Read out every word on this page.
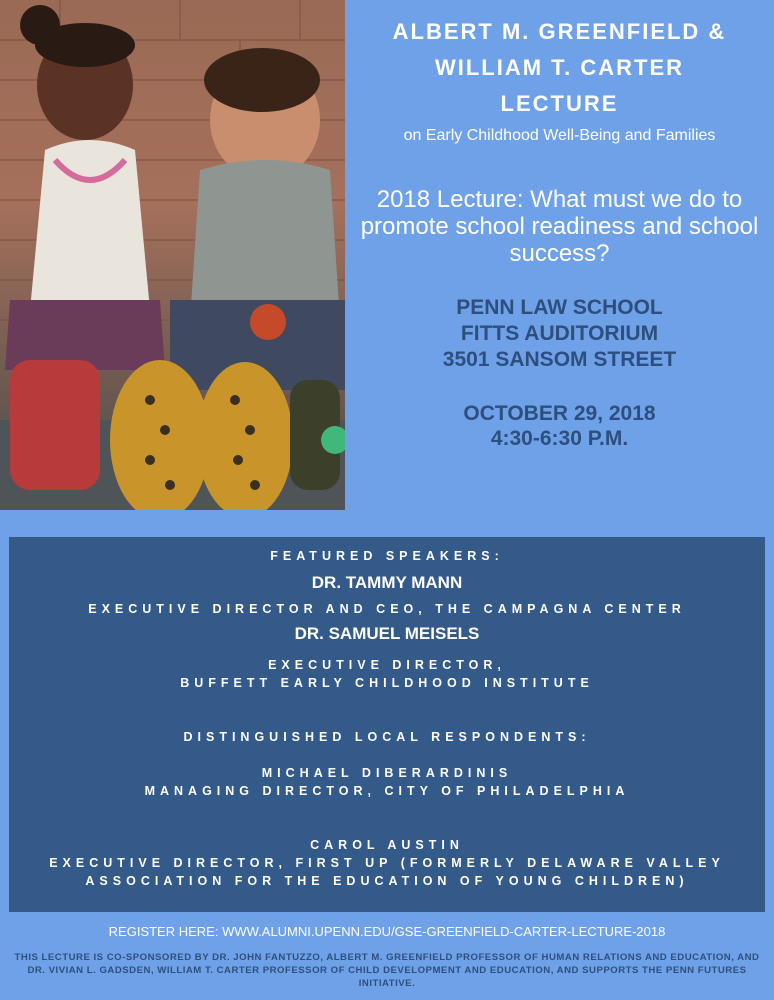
ALBERT M. GREENFIELD &
WILLIAM T. CARTER
LECTURE
on Early Childhood Well-Being and Families
2018 Lecture: What must we do to promote school readiness and school success?
PENN LAW SCHOOL
FITTS AUDITORIUM
3501 SANSOM STREET
OCTOBER 29, 2018
4:30-6:30 P.M.
FEATURED SPEAKERS:
DR. TAMMY MANN
EXECUTIVE DIRECTOR AND CEO, THE CAMPAGNA CENTER
DR. SAMUEL MEISELS
EXECUTIVE DIRECTOR,
BUFFETT EARLY CHILDHOOD INSTITUTE
DISTINGUISHED LOCAL RESPONDENTS:
MICHAEL DIBERARDINIS
MANAGING DIRECTOR, CITY OF PHILADELPHIA
CAROL AUSTIN
EXECUTIVE DIRECTOR, FIRST UP (FORMERLY DELAWARE VALLEY ASSOCIATION FOR THE EDUCATION OF YOUNG CHILDREN)
REGISTER HERE: WWW.ALUMNI.UPENN.EDU/GSE-GREENFIELD-CARTER-LECTURE-2018
THIS LECTURE IS CO-SPONSORED BY DR. JOHN FANTUZZO, ALBERT M. GREENFIELD PROFESSOR OF HUMAN RELATIONS AND EDUCATION, AND DR. VIVIAN L. GADSDEN, WILLIAM T. CARTER PROFESSOR OF CHILD DEVELOPMENT AND EDUCATION, AND SUPPORTS THE PENN FUTURES INITIATIVE.
